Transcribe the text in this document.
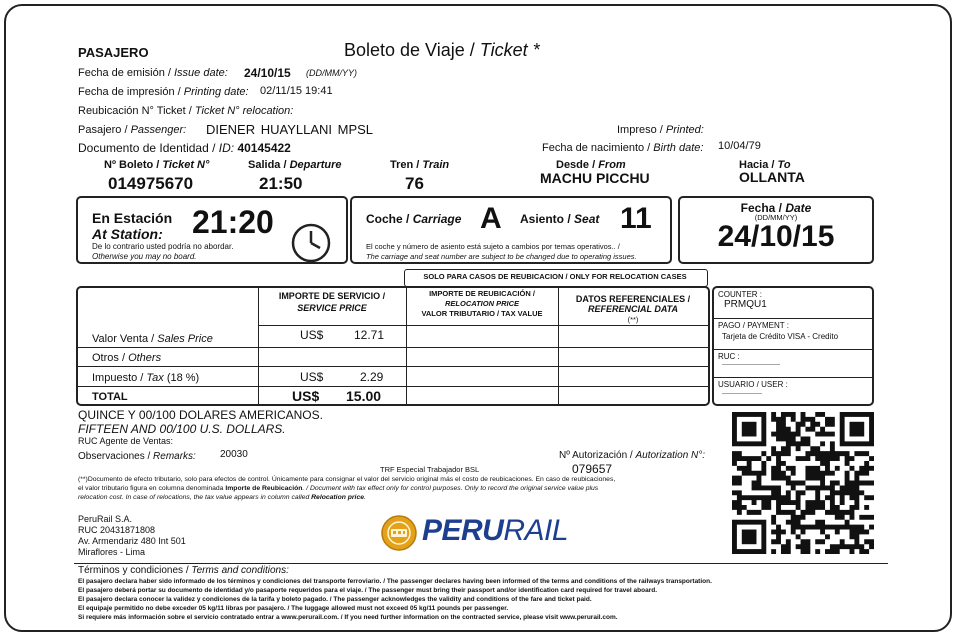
PASAJERO	Boleto de Viaje / Ticket *
Fecha de emisión / Issue date: 24/10/15 (DD/MM/YY)
Fecha de impresión / Printing date: 02/11/15 19:41
Reubicación N° Ticket / Ticket N° relocation:
Pasajero / Passenger: DIENER HUAYLLANI MPSL	Impreso / Printed:
Documento de Identidad / ID: 40145422	Fecha de nacimiento / Birth date: 10/04/79
Nº Boleto / Ticket N°
014975670
Salida / Departure
21:50
Tren / Train
76
Desde / From
MACHU PICCHU
Hacia / To
OLLANTA
En Estación
At Station: 21:20
De lo contrario usted podría no abordar.
Otherwise you may no board.
Coche / Carriage A Asiento / Seat 11
El coche y número de asiento está sujeto a cambios por temas operativos.. /
The carriage and seat number are subject to be changed due to operating issues.
Fecha / Date
(DD/MM/YY)
24/10/15
SOLO PARA CASOS DE REUBICACION / ONLY FOR RELOCATION CASES
IMPORTE DE SERVICIO /
SERVICE PRICE
IMPORTE DE REUBICACIÓN /
RELOCATION PRICE
VALOR TRIBUTARIO / TAX VALUE
DATOS REFERENCIALES /
REFERENCIAL DATA
(**)
Valor Venta / Sales Price	US$	12.71
Otros / Others
Impuesto / Tax (18 %)	US$	2.29
TOTAL	US$ 15.00
COUNTER :
PRMQU1
PAGO / PAYMENT :
Tarjeta de Crédito VISA - Credito
RUC :
-----------------------------
USUARIO / USER :
--------------------
QUINCE Y 00/100 DOLARES AMERICANOS.
FIFTEEN AND 00/100 U.S. DOLLARS.
RUC Agente de Ventas:
Observaciones / Remarks: 20030	Nº Autorización / Autorization N°:
079657
TRF Especial Trabajador BSL
(**)Documento de efecto tributario, solo para efectos de control. Únicamente para consignar el valor del servicio original más el costo de reubicaciones. En caso de reubicaciones,
el valor tributario figura en columna denominada Importe de Reubicación. / Document with tax effect only for control purposes. Only to record the original service value plus
relocation cost. In case of relocations, the tax value appears in column called Relocation price.
PeruRail S.A.
RUC 20431871808
Av. Armendariz 480 Int 501
Miraflores - Lima
PERURAIL
Términos y condiciones / Terms and conditions:
El pasajero declara haber sido informado de los términos y condiciones del transporte ferroviario. / The passenger declares having been informed of the terms and conditions of the railways transportation.
El pasajero deberá portar su documento de identidad y/o pasaporte requeridos para el viaje. / The passenger must bring their passport and/or identification card required for travel aboard.
El pasajero declara conocer la validez y condiciones de la tarifa y boleto pagado. / The passenger acknowledges the validity and conditions of the fare and ticket paid.
El equipaje permitido no debe exceder 05 kg/11 libras por pasajero. / The luggage allowed must not exceed 05 kg/11 pounds per passenger.
Si requiere más información sobre el servicio contratado entrar a www.perurail.com. / If you need further information on the contracted service, please visit www.perurail.com.
